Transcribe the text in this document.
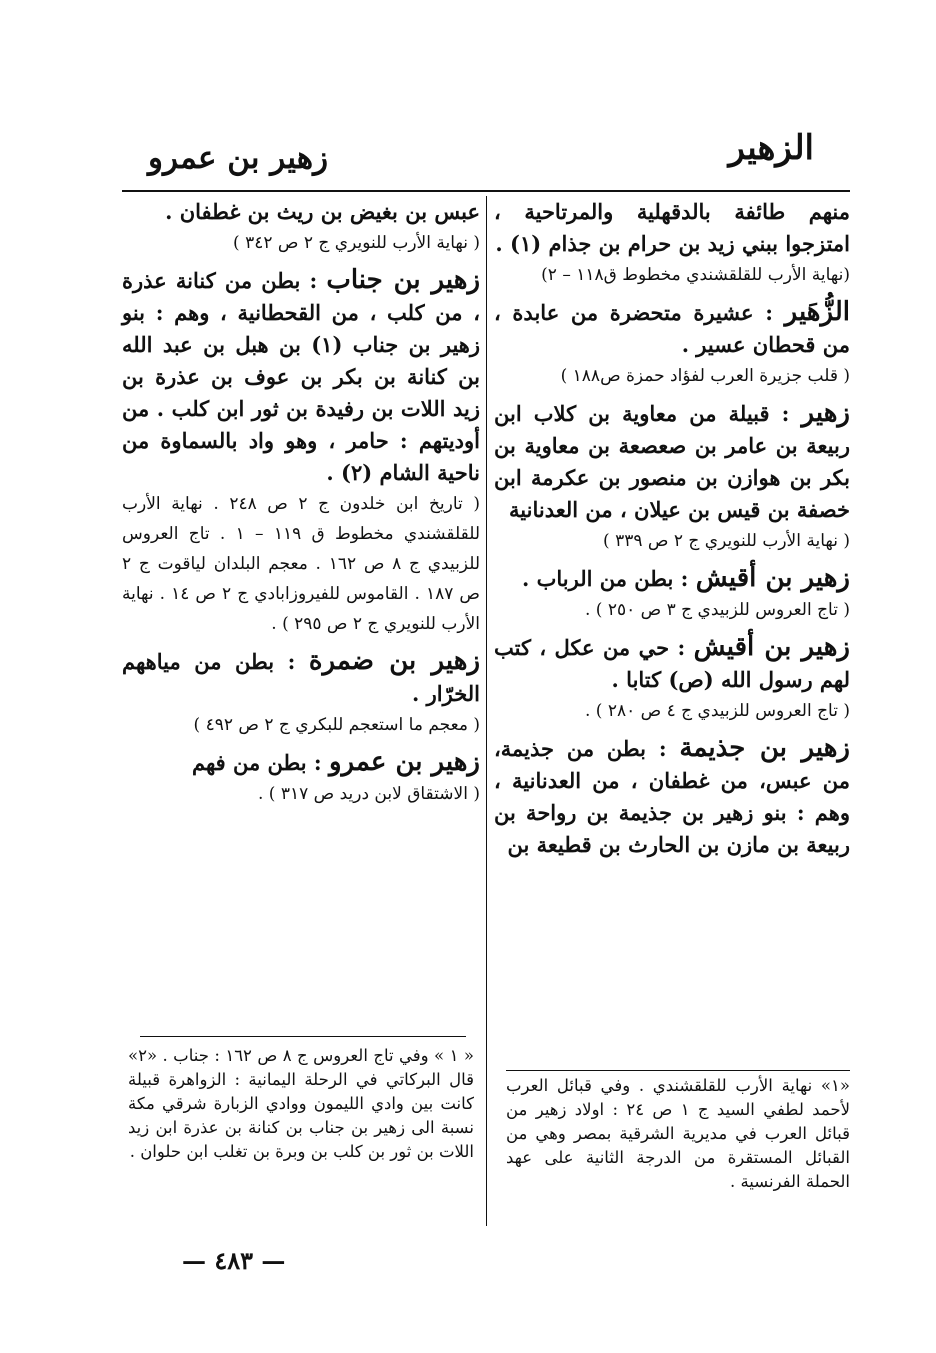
الزهير
زهير بن عمرو

منهم طائفة بالدقهلية والمرتاحية ، امتزجوا ببني زيد بن حرام بن جذام (١) .

(نهاية الأرب للقلقشندي مخطوط ق١١٨ – ٢)

الزُّهَير : عشيرة متحضرة من عابدة ، من قحطان عسير .

( قلب جزيرة العرب لفؤاد حمزة ص١٨٨ )

زهير : قبيلة من معاوية بن كلاب ابن ربيعة بن عامر بن صعصعة بن معاوية بن بكر بن هوازن بن منصور بن عكرمة ابن خصفة بن قيس بن عيلان ، من العدنانية

( نهاية الأرب للنويري ج ٢ ص ٣٣٩ )

زهير بن أقيش : بطن من الرباب .

( تاج العروس للزبيدي ج ٣ ص ٢٥٠ ) .

زهير بن أقيش : حي من عكل ، كتب لهم رسول الله (ص) كتابا .

( تاج العروس للزبيدي ج ٤ ص ٢٨٠ ) .

زهير بن جذيمة : بطن من جذيمة، من عبس، من غطفان ، من العدنانية ، وهم : بنو زهير بن جذيمة بن رواحة بن ربيعة بن مازن بن الحارث بن قطيعة بن

عبس بن بغيض بن ريث بن غطفان .

( نهاية الأرب للنويري ج ٢ ص ٣٤٢ )

زهير بن جناب : بطن من كنانة عذرة ، من كلب ، من القحطانية ، وهم : بنو زهير بن جناب (١) بن هبل بن عبد الله بن كنانة بن بكر بن عوف بن عذرة بن زيد اللات بن رفيدة بن ثور ابن كلب . من أوديتهم : حامر ، وهو واد بالسماوة من ناحية الشام (٢) .

( تاريخ ابن خلدون ج ٢ ص ٢٤٨ . نهاية الأرب للقلقشندي مخطوط ق ١١٩ – ١ . تاج العروس للزبيدي ج ٨ ص ١٦٢ . معجم البلدان لياقوت ج ٢ ص ١٨٧ . القاموس للفيروزابادي ج ٢ ص ١٤ . نهاية الأرب للنويري ج ٢ ص ٢٩٥ ) .

زهير بن ضمرة : بطن من مياههم الخرّار .

( معجم ما استعجم للبكري ج ٢ ص ٤٩٢ )

زهير بن عمرو : بطن من فهم

( الاشتقاق لابن دريد ص ٣١٧ ) .

«١» نهاية الأرب للقلقشندي . وفي قبائل العرب لأحمد لطفي السيد ج ١ ص ٢٤ : اولاد زهير من قبائل العرب في مديرية الشرقية بمصر وهي من القبائل المستقرة من الدرجة الثانية على عهد الحملة الفرنسية .
« ١ » وفي تاج العروس ج ٨ ص ١٦٢ : جناب . «٢» قال البركاتي في الرحلة اليمانية : الزواهرة قبيلة كانت بين وادي الليمون ووادي الزبارة شرقي مكة نسبة الى زهير بن جناب بن كنانة بن عذرة ابن زيد اللات بن ثور بن كلب بن وبرة بن تغلب ابن حلوان .
— ٤٨٣ —
